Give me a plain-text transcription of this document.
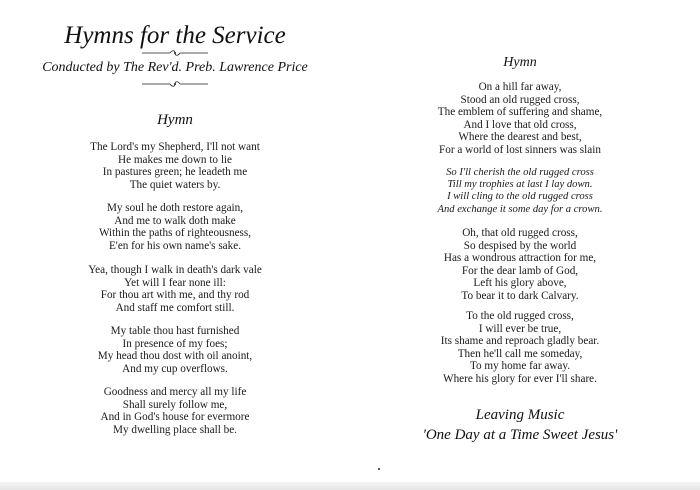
Hymns for the Service
Conducted by The Rev'd. Preb. Lawrence Price
Hymn
The Lord's my Shepherd, I'll not want
He makes me down to lie
In pastures green; he leadeth me
The quiet waters by.
My soul he doth restore again,
And me to walk doth make
Within the paths of righteousness,
E'en for his own name's sake.
Yea, though I walk in death's dark vale
Yet will I fear none ill:
For thou art with me, and thy rod
And staff me comfort still.
My table thou hast furnished
In presence of my foes;
My head thou dost with oil anoint,
And my cup overflows.
Goodness and mercy all my life
Shall surely follow me,
And in God's house for evermore
My dwelling place shall be.
Hymn
On a hill far away,
Stood an old rugged cross,
The emblem of suffering and shame,
And I love that old cross,
Where the dearest and best,
For a world of lost sinners was slain
So I'll cherish the old rugged cross
Till my trophies at last I lay down.
I will cling to the old rugged cross
And exchange it some day for a crown.
Oh, that old rugged cross,
So despised by the world
Has a wondrous attraction for me,
For the dear lamb of God,
Left his glory above,
To bear it to dark Calvary.
To the old rugged cross,
I will ever be true,
Its shame and reproach gladly bear.
Then he'll call me someday,
To my home far away.
Where his glory for ever I'll share.
Leaving Music
'One Day at a Time Sweet Jesus'
